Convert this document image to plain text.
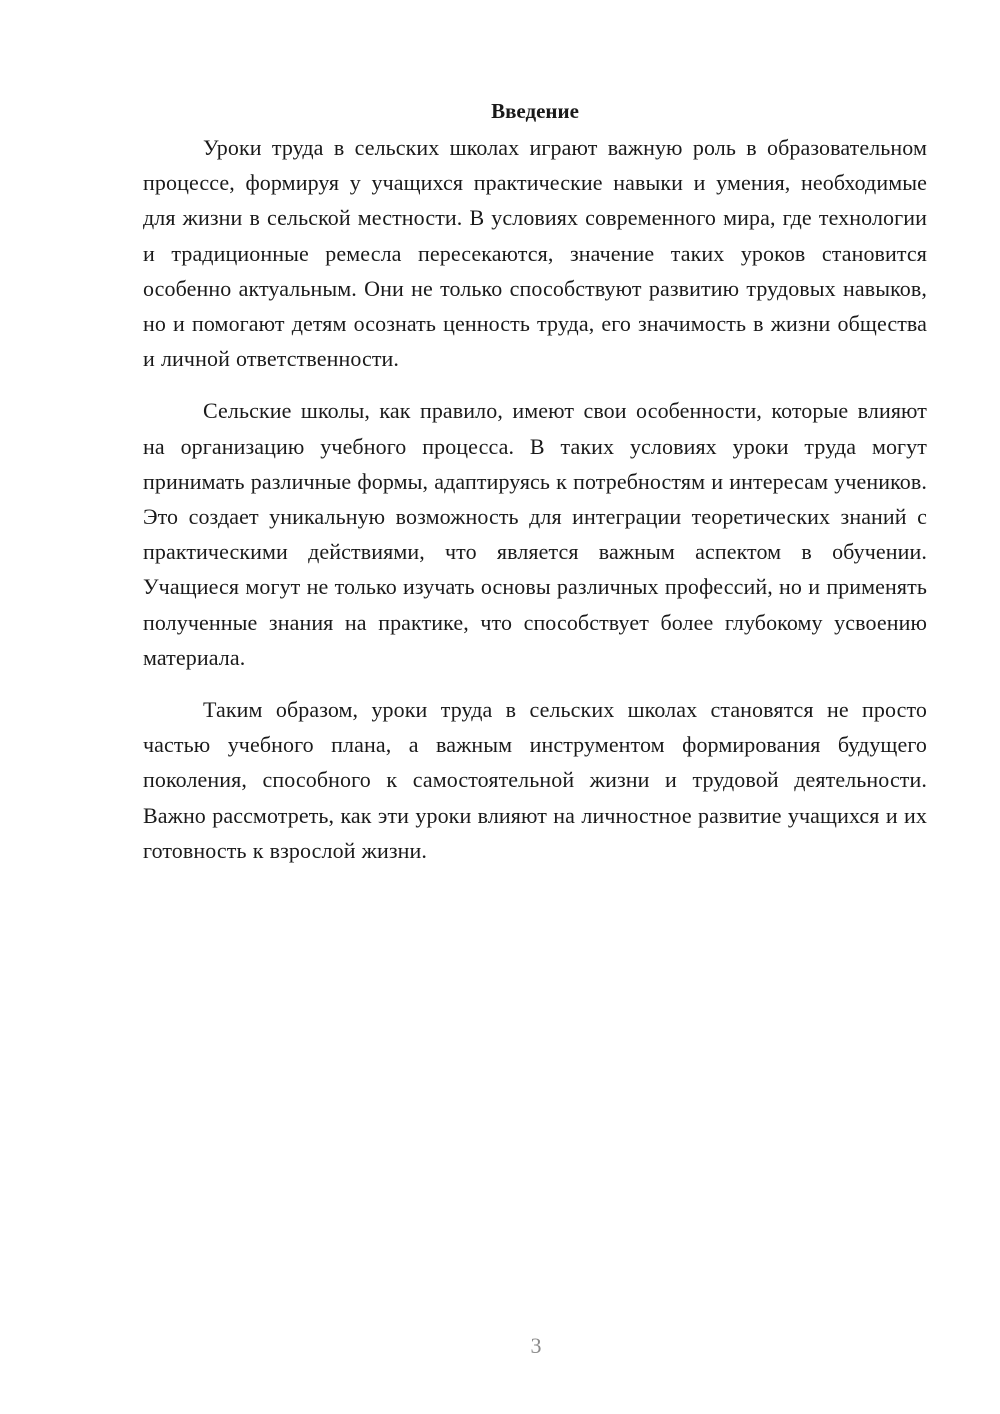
Введение

Уроки труда в сельских школах играют важную роль в образовательном процессе, формируя у учащихся практические навыки и умения, необходимые для жизни в сельской местности. В условиях современного мира, где технологии и традиционные ремесла пересекаются, значение таких уроков становится особенно актуальным. Они не только способствуют развитию трудовых навыков, но и помогают детям осознать ценность труда, его значимость в жизни общества и личной ответственности.

Сельские школы, как правило, имеют свои особенности, которые влияют на организацию учебного процесса. В таких условиях уроки труда могут принимать различные формы, адаптируясь к потребностям и интересам учеников. Это создает уникальную возможность для интеграции теоретических знаний с практическими действиями, что является важным аспектом в обучении. Учащиеся могут не только изучать основы различных профессий, но и применять полученные знания на практике, что способствует более глубокому усвоению материала.

Таким образом, уроки труда в сельских школах становятся не просто частью учебного плана, а важным инструментом формирования будущего поколения, способного к самостоятельной жизни и трудовой деятельности. Важно рассмотреть, как эти уроки влияют на личностное развитие учащихся и их готовность к взрослой жизни.

3
